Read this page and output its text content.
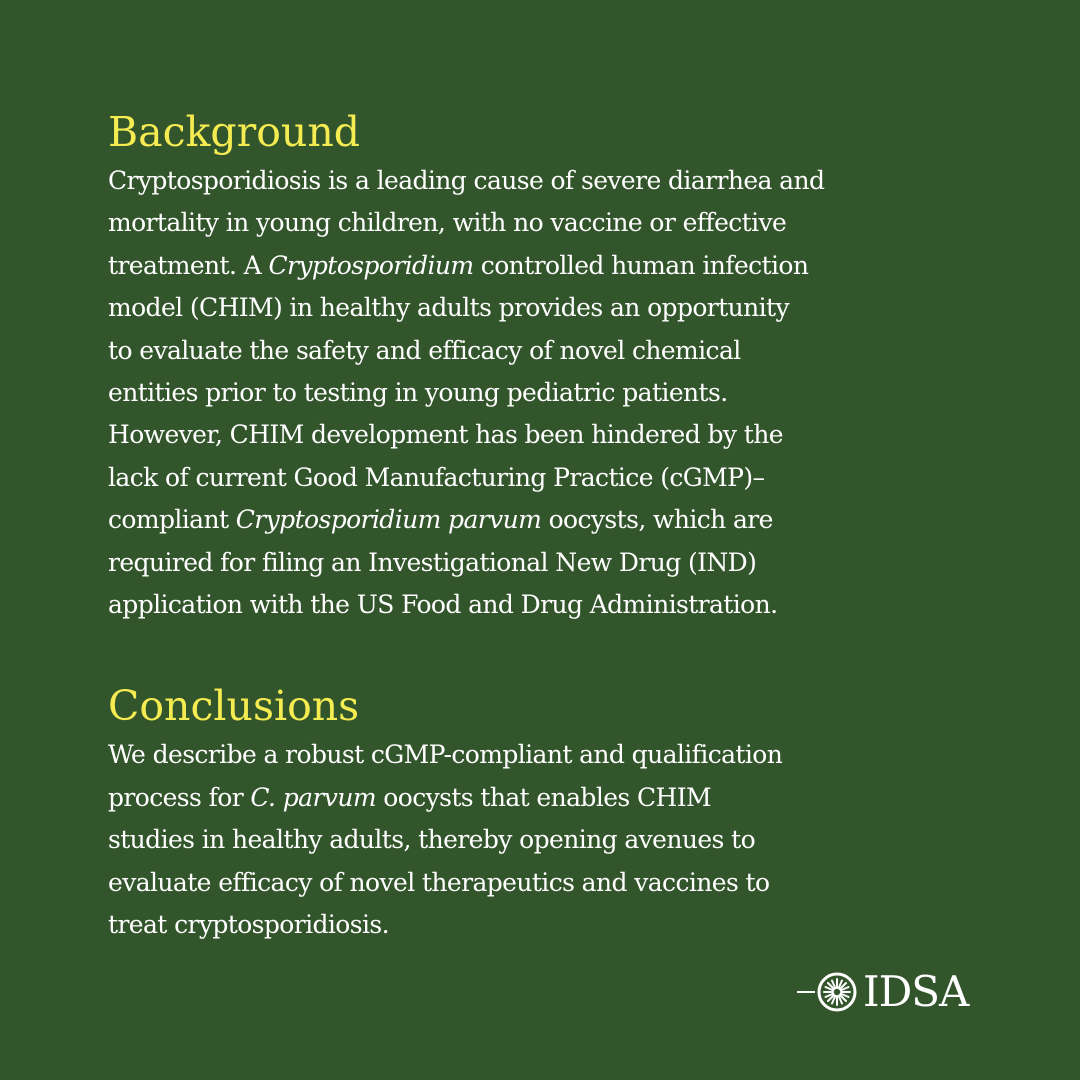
Background

Cryptosporidiosis is a leading cause of severe diarrhea and
mortality in young children, with no vaccine or effective
treatment. A Cryptosporidium controlled human infection
model (CHIM) in healthy adults provides an opportunity
to evaluate the safety and efficacy of novel chemical
entities prior to testing in young pediatric patients.
However, CHIM development has been hindered by the
lack of current Good Manufacturing Practice (cGMP)–
compliant Cryptosporidium parvum oocysts, which are
required for filing an Investigational New Drug (IND)
application with the US Food and Drug Administration.

Conclusions

We describe a robust cGMP-compliant and qualification
process for C. parvum oocysts that enables CHIM
studies in healthy adults, thereby opening avenues to
evaluate efficacy of novel therapeutics and vaccines to
treat cryptosporidiosis.

IDSA
